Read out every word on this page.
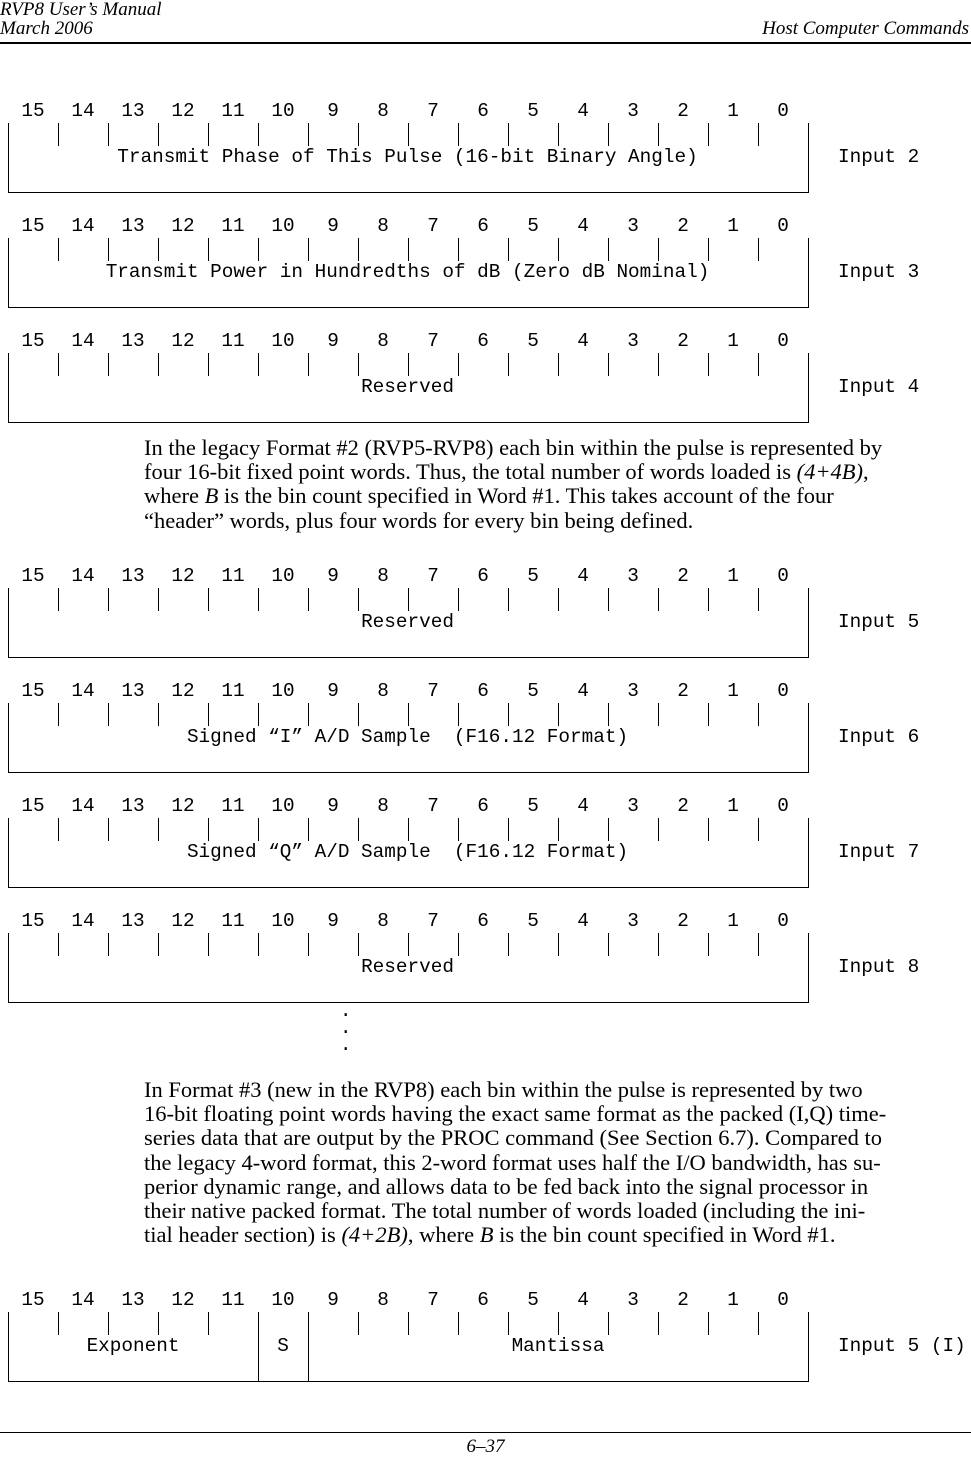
RVP8 User’s Manual
March 2006	Host Computer Commands
15	14	13	12	11	10	9	8	7	6	5	4	3	2	1	0
Transmit Phase of This Pulse (16-bit Binary Angle)	Input 2
15	14	13	12	11	10	9	8	7	6	5	4	3	2	1	0
Transmit Power in Hundredths of dB (Zero dB Nominal)	Input 3
15	14	13	12	11	10	9	8	7	6	5	4	3	2	1	0
Reserved	Input 4
In the legacy Format #2 (RVP5-RVP8) each bin within the pulse is represented by
four 16-bit fixed point words. Thus, the total number of words loaded is (4+4B),
where B is the bin count specified in Word #1. This takes account of the four
“header” words, plus four words for every bin being defined.
15	14	13	12	11	10	9	8	7	6	5	4	3	2	1	0
Reserved	Input 5
15	14	13	12	11	10	9	8	7	6	5	4	3	2	1	0
Signed “I” A/D Sample  (F16.12 Format)	Input 6
15	14	13	12	11	10	9	8	7	6	5	4	3	2	1	0
Signed “Q” A/D Sample  (F16.12 Format)	Input 7
15	14	13	12	11	10	9	8	7	6	5	4	3	2	1	0
Reserved	Input 8
.
.
.
In Format #3 (new in the RVP8) each bin within the pulse is represented by two
16-bit floating point words having the exact same format as the packed (I,Q) time-
series data that are output by the PROC command (See Section 6.7). Compared to
the legacy 4-word format, this 2-word format uses half the I/O bandwidth, has su-
perior dynamic range, and allows data to be fed back into the signal processor in
their native packed format. The total number of words loaded (including the ini-
tial header section) is (4+2B), where B is the bin count specified in Word #1.
15	14	13	12	11	10	9	8	7	6	5	4	3	2	1	0
Exponent	S	Mantissa	Input 5 (I)
6–37
